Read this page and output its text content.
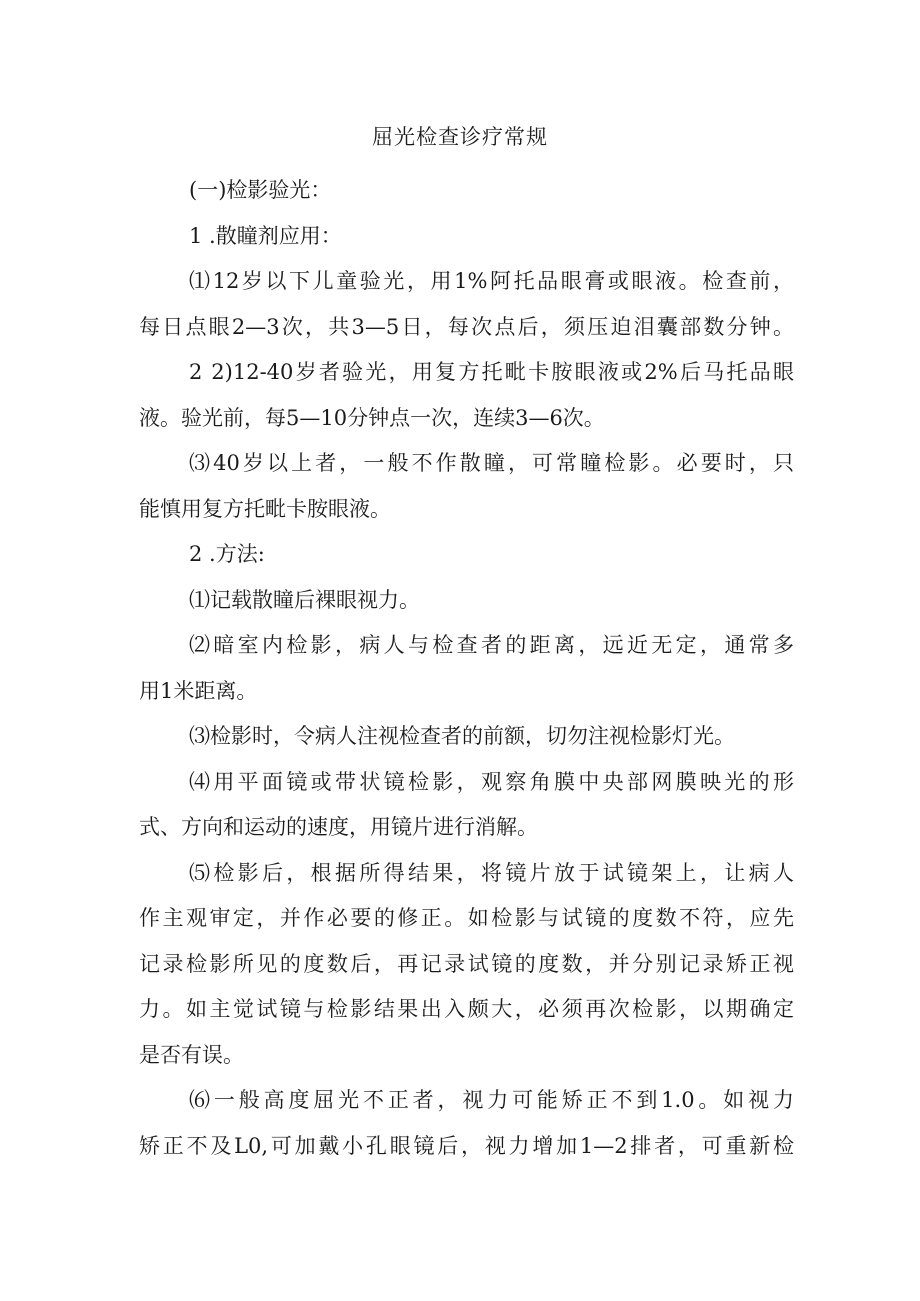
屈光检查诊疗常规

(一)检影验光：

1 .散瞳剂应用：

⑴12岁以下儿童验光，用1%阿托品眼膏或眼液。检查前，

每日点眼2—3次，共3—5日，每次点后，须压迫泪囊部数分钟。

2 2)12-40岁者验光，用复方托毗卡胺眼液或2%后马托品眼

液。验光前，每5—10分钟点一次，连续3—6次。

⑶40岁以上者，一般不作散瞳，可常瞳检影。必要时，只

能慎用复方托毗卡胺眼液。

2 .方法:

⑴记载散瞳后裸眼视力。

⑵暗室内检影，病人与检查者的距离，远近无定，通常多

用1米距离。

⑶检影时，令病人注视检查者的前额，切勿注视检影灯光。

⑷用平面镜或带状镜检影，观察角膜中央部网膜映光的形

式、方向和运动的速度，用镜片进行消解。

⑸检影后，根据所得结果，将镜片放于试镜架上，让病人

作主观审定，并作必要的修正。如检影与试镜的度数不符，应先

记录检影所见的度数后，再记录试镜的度数，并分别记录矫正视

力。如主觉试镜与检影结果出入颇大，必须再次检影，以期确定

是否有误。

⑹一般高度屈光不正者，视力可能矫正不到1.0。如视力

矫正不及L0,可加戴小孔眼镜后，视力增加1—2排者，可重新检
